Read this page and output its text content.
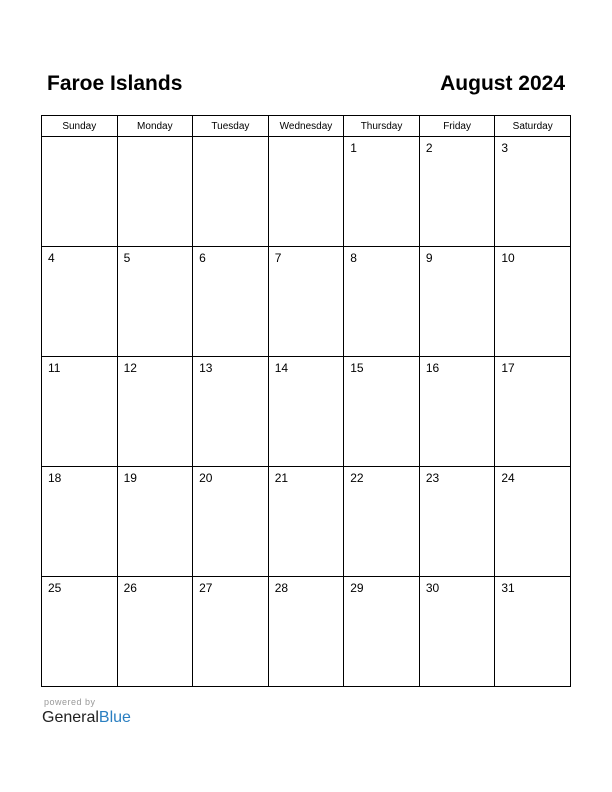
Faroe Islands	August 2024
Sunday	Monday	Tuesday	Wednesday	Thursday	Friday	Saturday

				1	2	3

4	5	6	7	8	9	10

11	12	13	14	15	16	17

18	19	20	21	22	23	24

25	26	27	28	29	30	31
powered by
GeneralBlue
